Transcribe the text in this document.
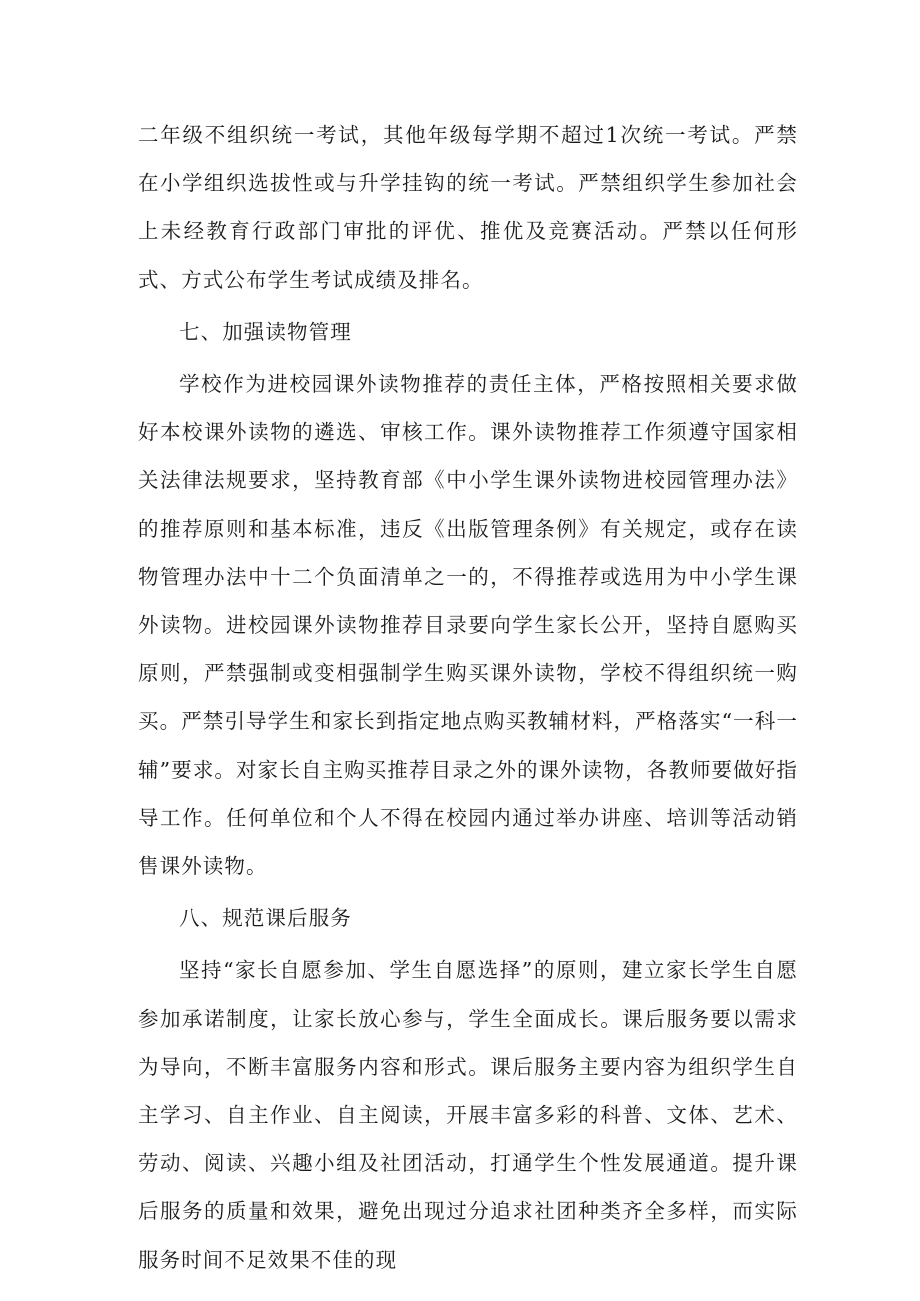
二年级不组织统一考试，其他年级每学期不超过1次统一考试。严禁在小学组织选拔性或与升学挂钩的统一考试。严禁组织学生参加社会上未经教育行政部门审批的评优、推优及竞赛活动。严禁以任何形式、方式公布学生考试成绩及排名。

七、加强读物管理

学校作为进校园课外读物推荐的责任主体，严格按照相关要求做好本校课外读物的遴选、审核工作。课外读物推荐工作须遵守国家相关法律法规要求，坚持教育部《中小学生课外读物进校园管理办法》的推荐原则和基本标准，违反《出版管理条例》有关规定，或存在读物管理办法中十二个负面清单之一的，不得推荐或选用为中小学生课外读物。进校园课外读物推荐目录要向学生家长公开，坚持自愿购买原则，严禁强制或变相强制学生购买课外读物，学校不得组织统一购买。严禁引导学生和家长到指定地点购买教辅材料，严格落实“一科一辅”要求。对家长自主购买推荐目录之外的课外读物，各教师要做好指导工作。任何单位和个人不得在校园内通过举办讲座、培训等活动销售课外读物。

八、规范课后服务

坚持“家长自愿参加、学生自愿选择”的原则，建立家长学生自愿参加承诺制度，让家长放心参与，学生全面成长。课后服务要以需求为导向，不断丰富服务内容和形式。课后服务主要内容为组织学生自主学习、自主作业、自主阅读，开展丰富多彩的科普、文体、艺术、劳动、阅读、兴趣小组及社团活动，打通学生个性发展通道。提升课后服务的质量和效果，避免出现过分追求社团种类齐全多样，而实际服务时间不足效果不佳的现
